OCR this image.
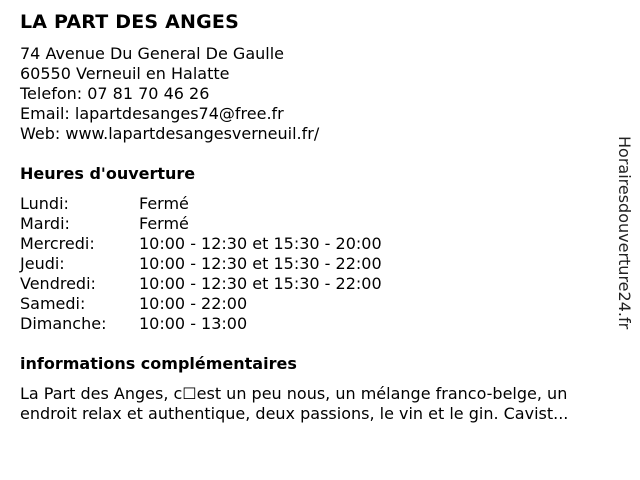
LA PART DES ANGES
74 Avenue Du General De Gaulle
60550 Verneuil en Halatte
Telefon: 07 81 70 46 26
Email: lapartdesanges74@free.fr
Web: www.lapartdesangesverneuil.fr/
Heures d'ouverture
Lundi:	Fermé
Mardi:	Fermé
Mercredi:	10:00 - 12:30 et 15:30 - 20:00
Jeudi:	10:00 - 12:30 et 15:30 - 22:00
Vendredi:	10:00 - 12:30 et 15:30 - 22:00
Samedi:	10:00 - 22:00
Dimanche:	10:00 - 13:00
informations complémentaires

La Part des Anges, c☐est un peu nous, un mélange franco-belge, un endroit relax et authentique, deux passions, le vin et le gin. Cavist...

Horairesdouverture24.fr
